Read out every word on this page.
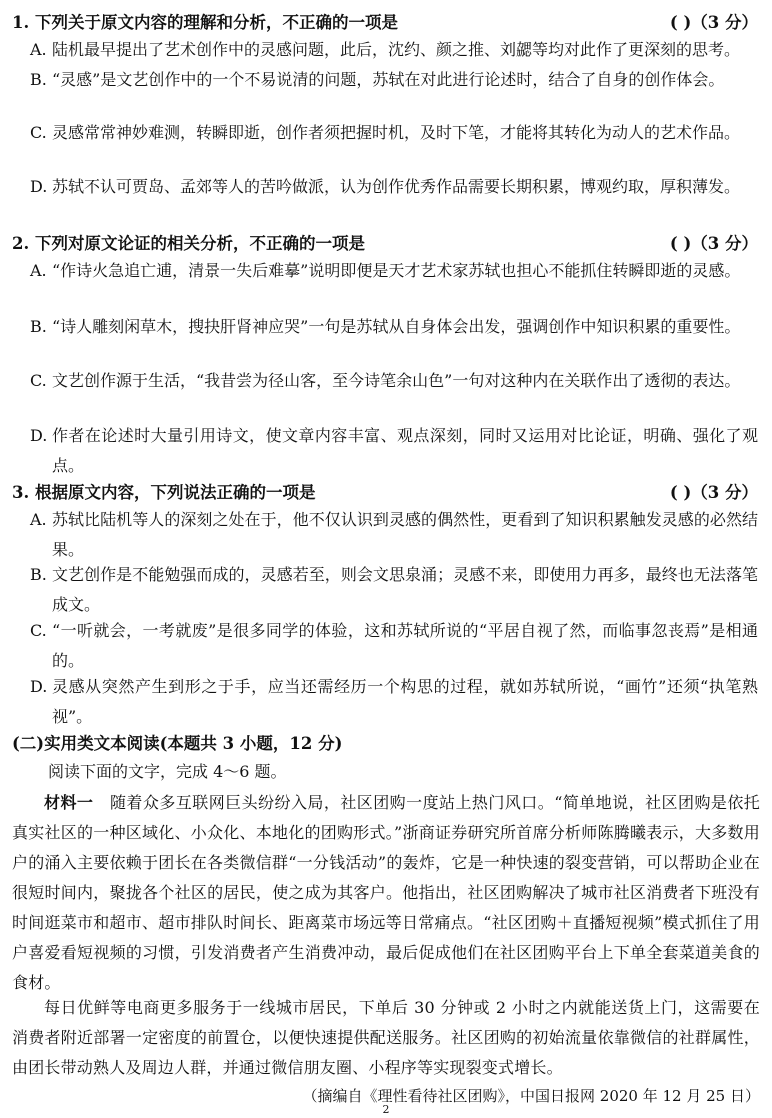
1. 下列关于原文内容的理解和分析，不正确的一项是	( )（3 分）
A. 陆机最早提出了艺术创作中的灵感问题，此后，沈约、颜之推、刘勰等均对此作了更深刻的思考。
B. “灵感”是文艺创作中的一个不易说清的问题，苏轼在对此进行论述时，结合了自身的创作体会。
C. 灵感常常神妙难测，转瞬即逝，创作者须把握时机，及时下笔，才能将其转化为动人的艺术作品。
D. 苏轼不认可贾岛、孟郊等人的苦吟做派，认为创作优秀作品需要长期积累，博观约取，厚积薄发。
2. 下列对原文论证的相关分析，不正确的一项是	( )（3 分）
A. “作诗火急追亡逋，清景一失后难摹”说明即便是天才艺术家苏轼也担心不能抓住转瞬即逝的灵感。
B. “诗人雕刻闲草木，搜抉肝肾神应哭”一句是苏轼从自身体会出发，强调创作中知识积累的重要性。
C. 文艺创作源于生活，“我昔尝为径山客，至今诗笔余山色”一句对这种内在关联作出了透彻的表达。
D. 作者在论述时大量引用诗文，使文章内容丰富、观点深刻，同时又运用对比论证，明确、强化了观点。
3. 根据原文内容，下列说法正确的一项是	( )（3 分）
A. 苏轼比陆机等人的深刻之处在于，他不仅认识到灵感的偶然性，更看到了知识积累触发灵感的必然结果。
B. 文艺创作是不能勉强而成的，灵感若至，则会文思泉涌；灵感不来，即使用力再多，最终也无法落笔成文。
C. “一听就会，一考就废”是很多同学的体验，这和苏轼所说的“平居自视了然，而临事忽丧焉”是相通的。
D. 灵感从突然产生到形之于手，应当还需经历一个构思的过程，就如苏轼所说，“画竹”还须“执笔熟视”。
(二)实用类文本阅读(本题共 3 小题，12 分)
阅读下面的文字，完成 4～6 题。
材料一 随着众多互联网巨头纷纷入局，社区团购一度站上热门风口。“简单地说，社区团购是依托真实社区的一种区域化、小众化、本地化的团购形式。”浙商证券研究所首席分析师陈腾曦表示，大多数用户的涌入主要依赖于团长在各类微信群“一分钱活动”的轰炸，它是一种快速的裂变营销，可以帮助企业在很短时间内，聚拢各个社区的居民，使之成为其客户。他指出，社区团购解决了城市社区消费者下班没有时间逛菜市和超市、超市排队时间长、距离菜市场远等日常痛点。“社区团购＋直播短视频”模式抓住了用户喜爱看短视频的习惯，引发消费者产生消费冲动，最后促成他们在社区团购平台上下单全套菜道美食的食材。
每日优鲜等电商更多服务于一线城市居民，下单后 30 分钟或 2 小时之内就能送货上门，这需要在消费者附近部署一定密度的前置仓，以便快速提供配送服务。社区团购的初始流量依靠微信的社群属性，由团长带动熟人及周边人群，并通过微信朋友圈、小程序等实现裂变式增长。
（摘编自《理性看待社区团购》，中国日报网 2020 年 12 月 25 日）
2
